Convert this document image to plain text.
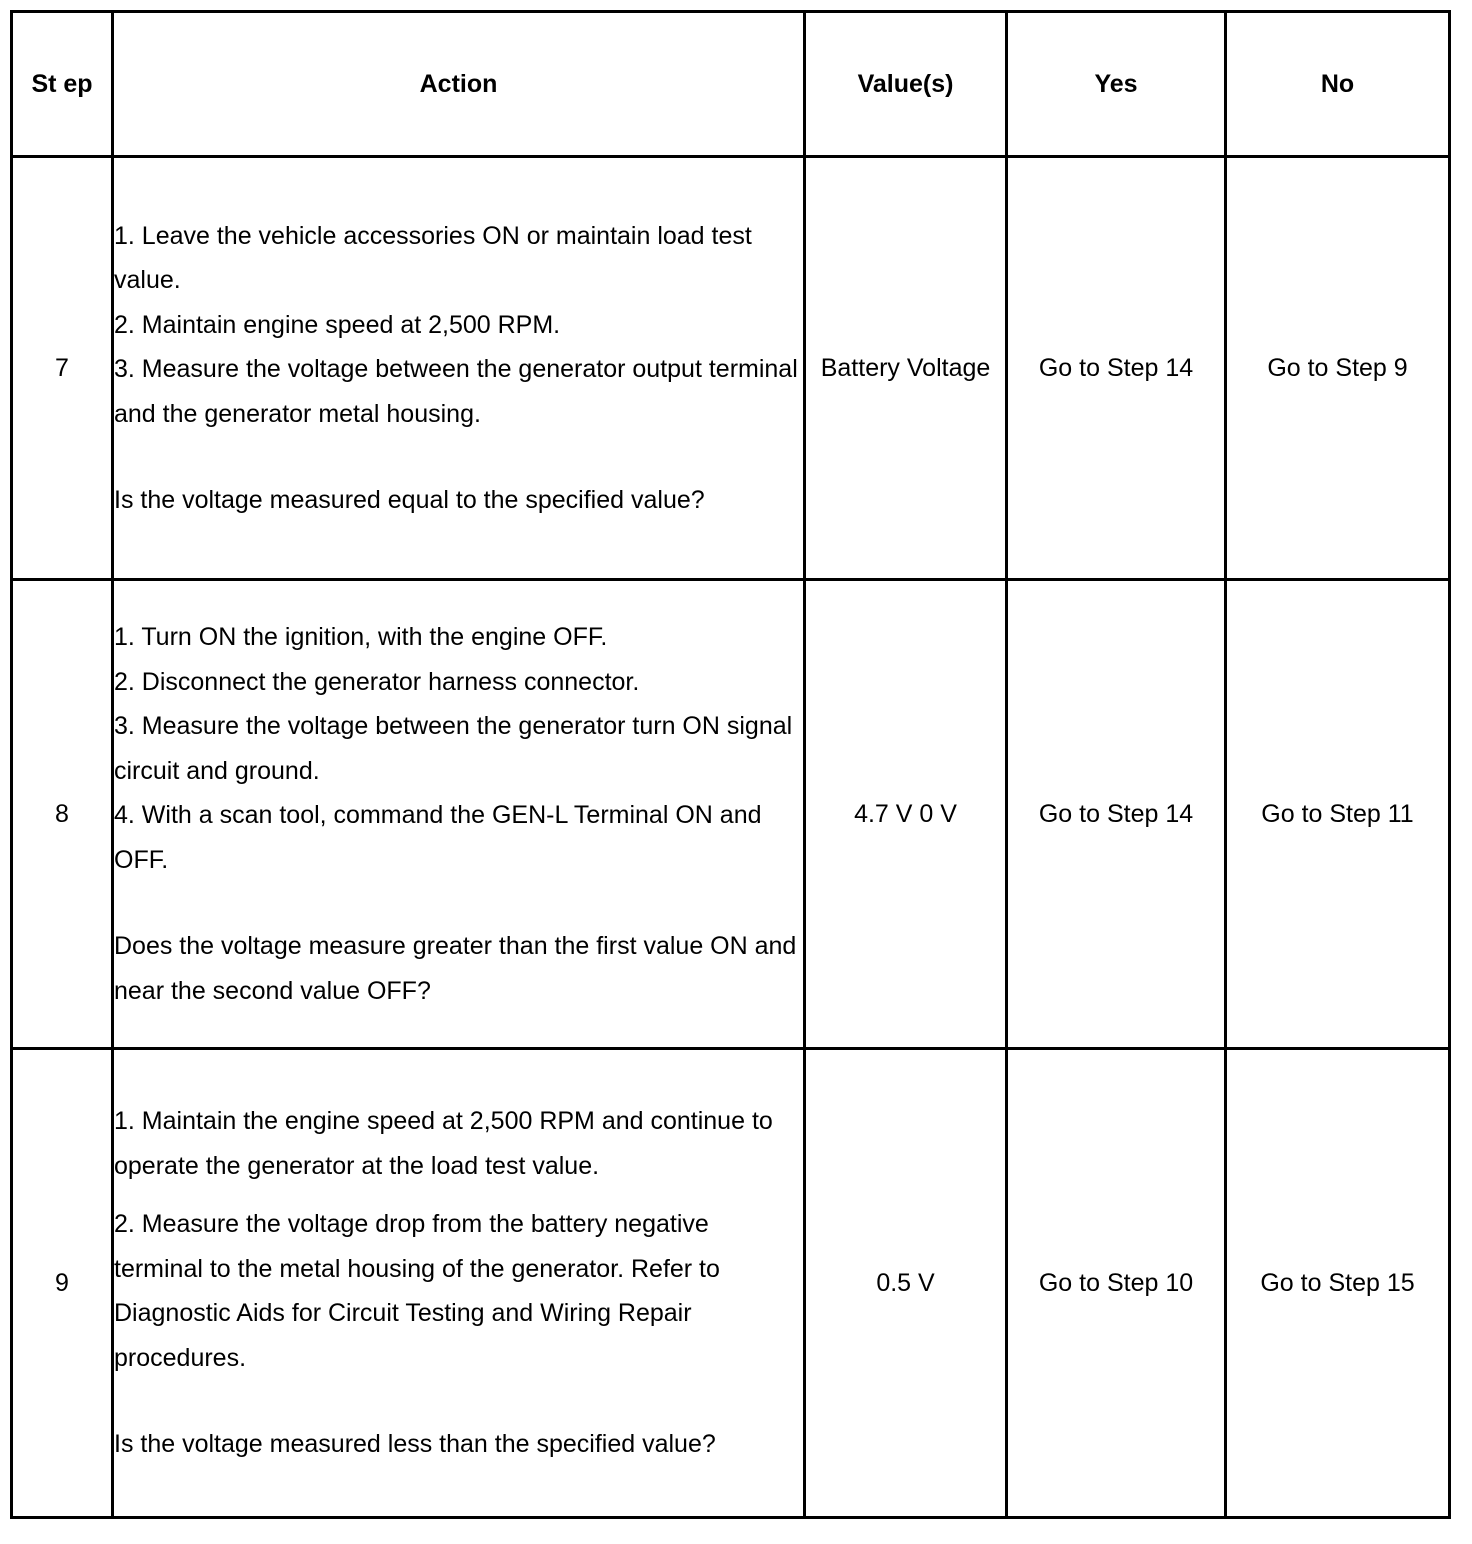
St ep	Action	Value(s)	Yes	No
7	1. Leave the vehicle accessories ON or maintain load test value.
2. Maintain engine speed at 2,500 RPM.
3. Measure the voltage between the generator output terminal and the generator metal housing.
Is the voltage measured equal to the specified value?	Battery Voltage	Go to Step 14	Go to Step 9
8	1. Turn ON the ignition, with the engine OFF.
2. Disconnect the generator harness connector.
3. Measure the voltage between the generator turn ON signal circuit and ground.
4. With a scan tool, command the GEN-L Terminal ON and OFF.
Does the voltage measure greater than the first value ON and near the second value OFF?	4.7 V 0 V	Go to Step 14	Go to Step 11
9	1. Maintain the engine speed at 2,500 RPM and continue to operate the generator at the load test value.
2. Measure the voltage drop from the battery negative terminal to the metal housing of the generator. Refer to Diagnostic Aids for Circuit Testing and Wiring Repair procedures.
Is the voltage measured less than the specified value?	0.5 V	Go to Step 10	Go to Step 15
